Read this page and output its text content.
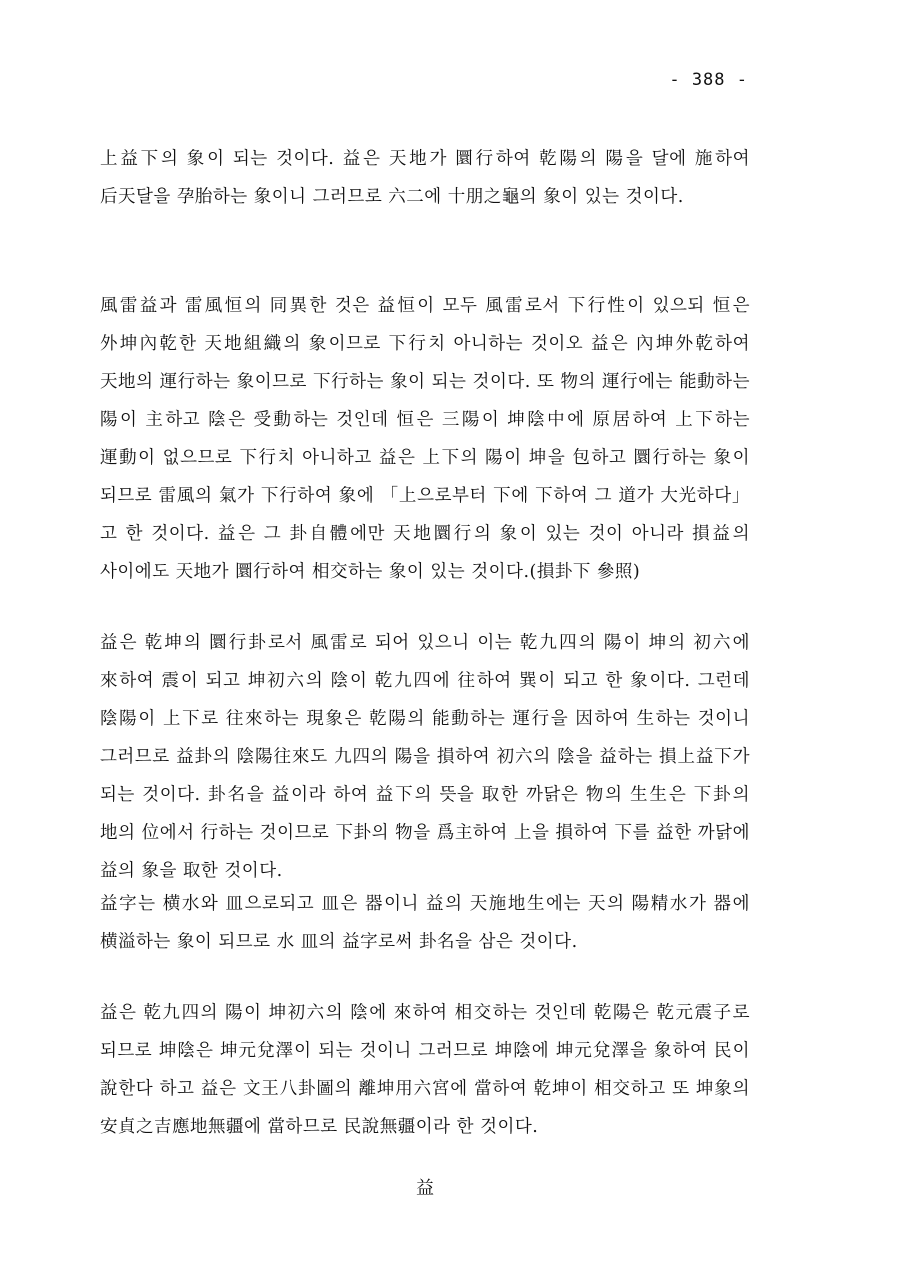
- 388 -

上益下의 象이 되는 것이다. 益은 天地가 圜行하여 乾陽의 陽을 달에 施하여 后天달을 孕胎하는 象이니 그러므로 六二에 十朋之龜의 象이 있는 것이다.

風雷益과 雷風恒의 同異한 것은 益恒이 모두 風雷로서 下行性이 있으되 恒은 外坤內乾한 天地組織의 象이므로 下行치 아니하는 것이오 益은 內坤外乾하여 天地의 運行하는 象이므로 下行하는 象이 되는 것이다. 또 物의 運行에는 能動하는 陽이 主하고 陰은 受動하는 것인데 恒은 三陽이 坤陰中에 原居하여 上下하는 運動이 없으므로 下行치 아니하고 益은 上下의 陽이 坤을 包하고 圜行하는 象이 되므로 雷風의 氣가 下行하여 象에 「上으로부터 下에 下하여 그 道가 大光하다」고 한 것이다. 益은 그 卦自體에만 天地圜行의 象이 있는 것이 아니라 損益의 사이에도 天地가 圜行하여 相交하는 象이 있는 것이다.(損卦下 參照)

益은 乾坤의 圜行卦로서 風雷로 되어 있으니 이는 乾九四의 陽이 坤의 初六에 來하여 震이 되고 坤初六의 陰이 乾九四에 往하여 巽이 되고 한 象이다. 그런데 陰陽이 上下로 往來하는 現象은 乾陽의 能動하는 運行을 因하여 生하는 것이니 그러므로 益卦의 陰陽往來도 九四의 陽을 損하여 初六의 陰을 益하는 損上益下가 되는 것이다. 卦名을 益이라 하여 益下의 뜻을 取한 까닭은 物의 生生은 下卦의 地의 位에서 行하는 것이므로 下卦의 物을 爲主하여 上을 損하여 下를 益한 까닭에 益의 象을 取한 것이다.

益字는 横水와 皿으로되고 皿은 器이니 益의 天施地生에는 天의 陽精水가 器에 横溢하는 象이 되므로 水 皿의 益字로써 卦名을 삼은 것이다.

益은 乾九四의 陽이 坤初六의 陰에 來하여 相交하는 것인데 乾陽은 乾元震子로 되므로 坤陰은 坤元兌澤이 되는 것이니 그러므로 坤陰에 坤元兌澤을 象하여 民이 說한다 하고 益은 文王八卦圖의 離坤用六宮에 當하여 乾坤이 相交하고 또 坤象의 安貞之吉應地無疆에 當하므로 民說無疆이라 한 것이다.

益
